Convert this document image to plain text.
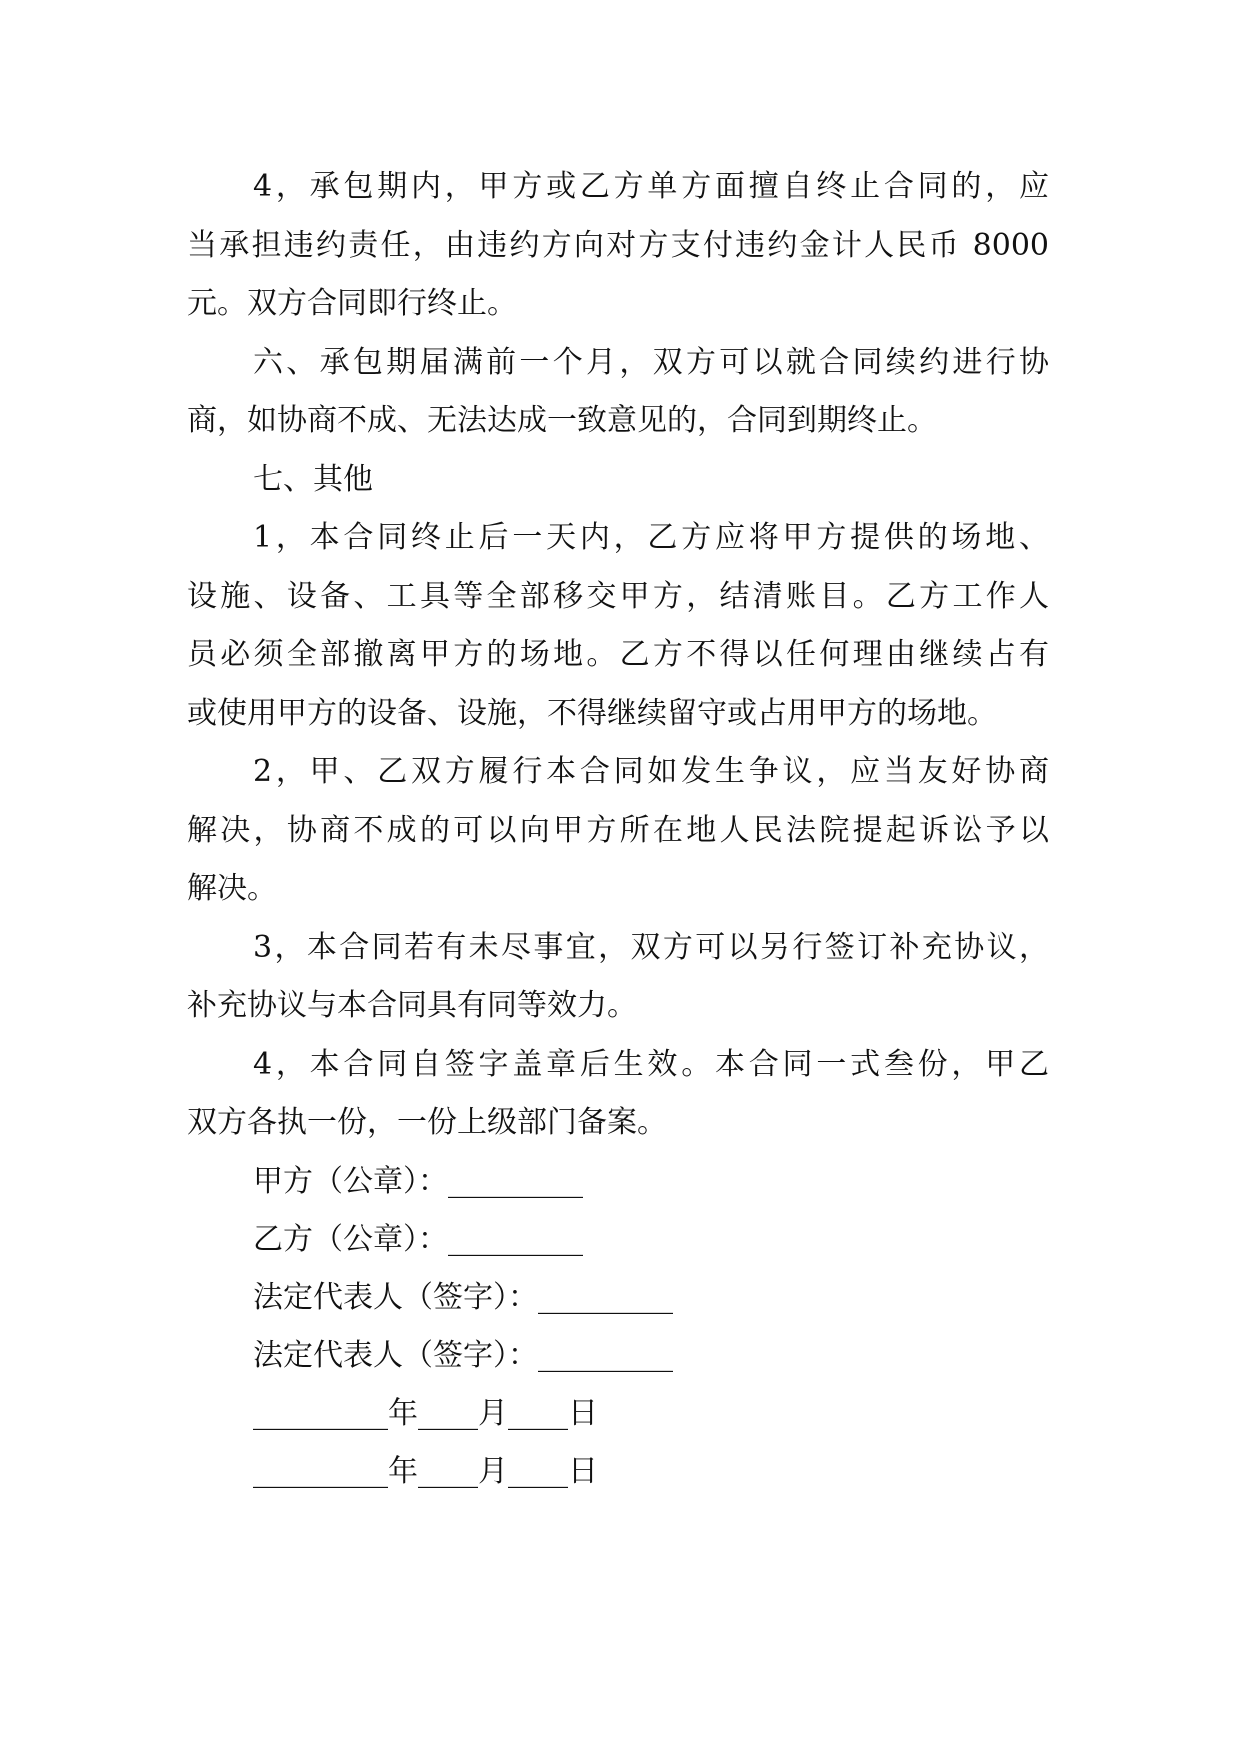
4，承包期内，甲方或乙方单方面擅自终止合同的，应
当承担违约责任，由违约方向对方支付违约金计人民币 8000
元。双方合同即行终止。
六、承包期届满前一个月，双方可以就合同续约进行协
商，如协商不成、无法达成一致意见的，合同到期终止。
七、其他
1，本合同终止后一天内，乙方应将甲方提供的场地、
设施、设备、工具等全部移交甲方，结清账目。乙方工作人
员必须全部撤离甲方的场地。乙方不得以任何理由继续占有
或使用甲方的设备、设施，不得继续留守或占用甲方的场地。
2，甲、乙双方履行本合同如发生争议，应当友好协商
解决，协商不成的可以向甲方所在地人民法院提起诉讼予以
解决。
3，本合同若有未尽事宜，双方可以另行签订补充协议，
补充协议与本合同具有同等效力。
4，本合同自签字盖章后生效。本合同一式叁份，甲乙
双方各执一份，一份上级部门备案。
甲方（公章）：_________
乙方（公章）：_________
法定代表人（签字）：_________
法定代表人（签字）：_________
_________年____月____日
_________年____月____日
